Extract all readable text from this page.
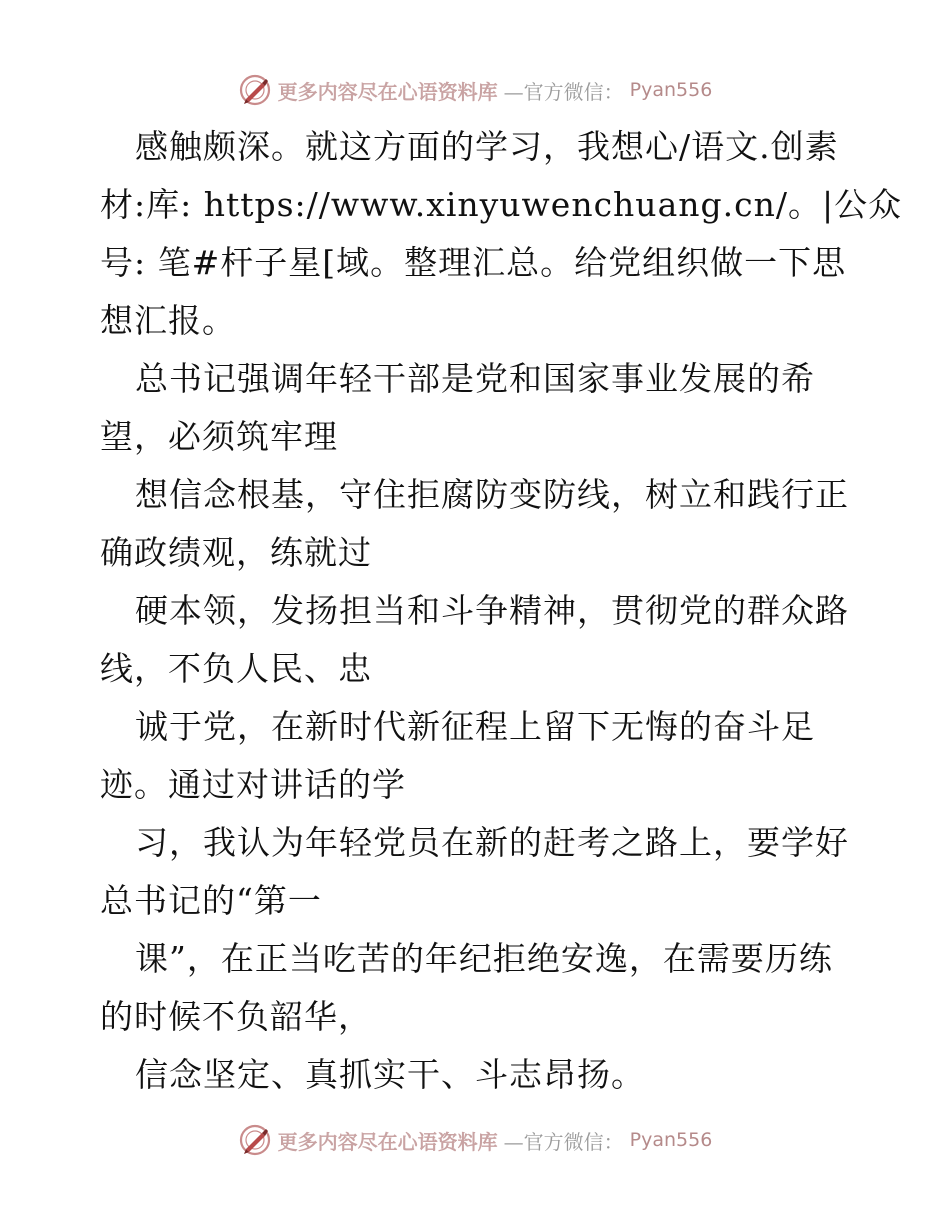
更多内容尽在心语资料库 —官方微信： Pyan556
感触颇深。就这方面的学习，我想心/语文.创素
材:库: https://www.xinyuwenchuang.cn/。|公众
号: 笔#杆子星[域。整理汇总。给党组织做一下思
想汇报。
总书记强调年轻干部是党和国家事业发展的希
望，必须筑牢理
想信念根基，守住拒腐防变防线，树立和践行正
确政绩观，练就过
硬本领，发扬担当和斗争精神，贯彻党的群众路
线，不负人民、忠
诚于党，在新时代新征程上留下无悔的奋斗足
迹。通过对讲话的学
习，我认为年轻党员在新的赶考之路上，要学好
总书记的“第一
课”，在正当吃苦的年纪拒绝安逸，在需要历练
的时候不负韶华，
信念坚定、真抓实干、斗志昂扬。
更多内容尽在心语资料库 —官方微信： Pyan556
